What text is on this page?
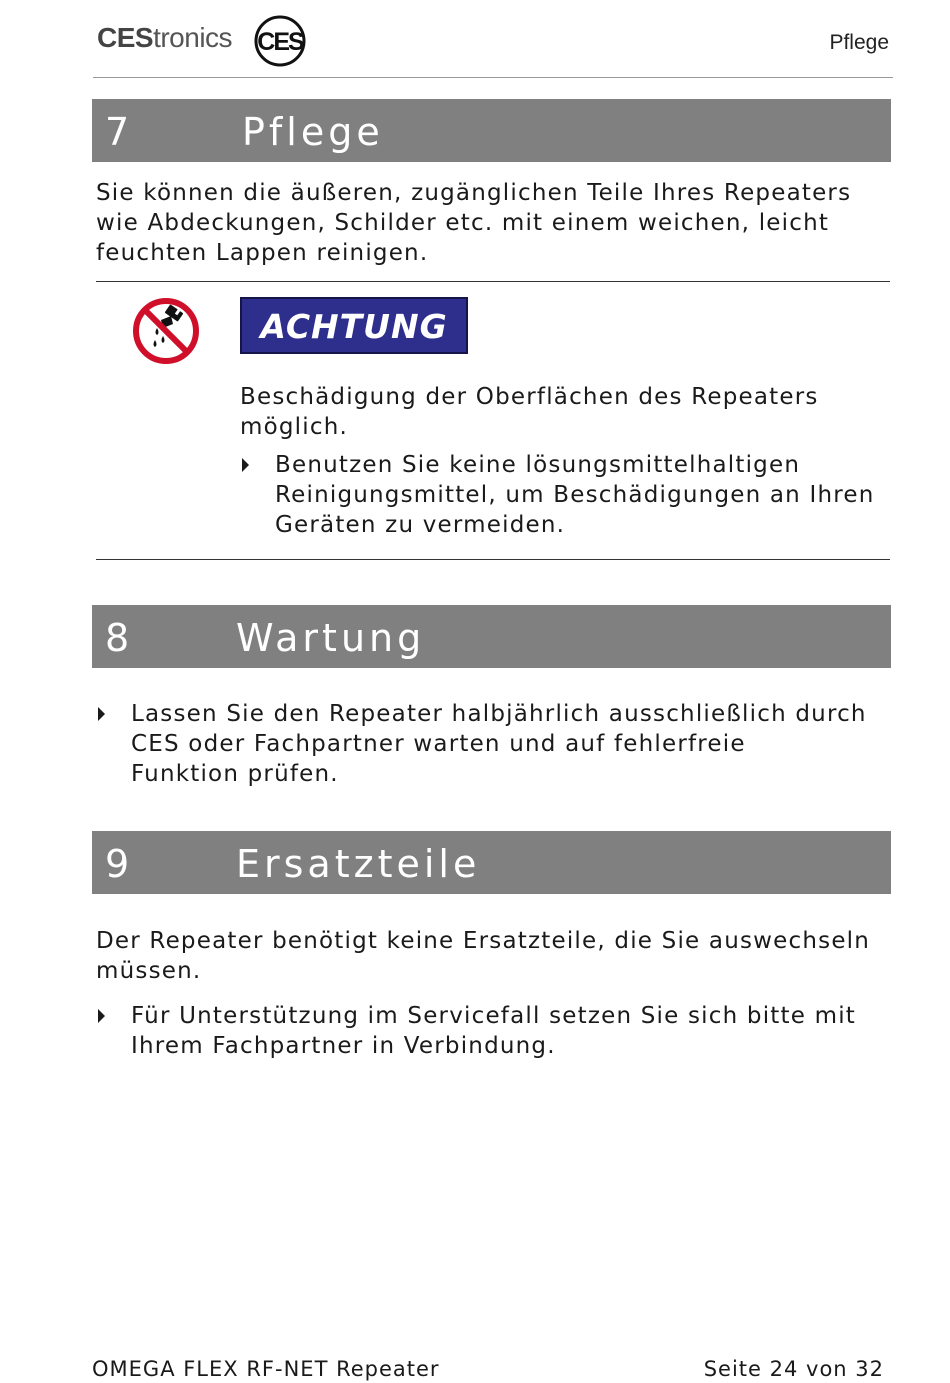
CEStronics CES	Pflege
7	Pflege
Sie können die äußeren, zugänglichen Teile Ihres Repeaters
wie Abdeckungen, Schilder etc. mit einem weichen, leicht
feuchten Lappen reinigen.
ACHTUNG
Beschädigung der Oberflächen des Repeaters
möglich.
Benutzen Sie keine lösungsmittelhaltigen
Reinigungsmittel, um Beschädigungen an Ihren
Geräten zu vermeiden.
8	Wartung
Lassen Sie den Repeater halbjährlich ausschließlich durch
CES oder Fachpartner warten und auf fehlerfreie
Funktion prüfen.
9	Ersatzteile
Der Repeater benötigt keine Ersatzteile, die Sie auswechseln
müssen.
Für Unterstützung im Servicefall setzen Sie sich bitte mit
Ihrem Fachpartner in Verbindung.
OMEGA FLEX RF-NET Repeater	Seite 24 von 32
